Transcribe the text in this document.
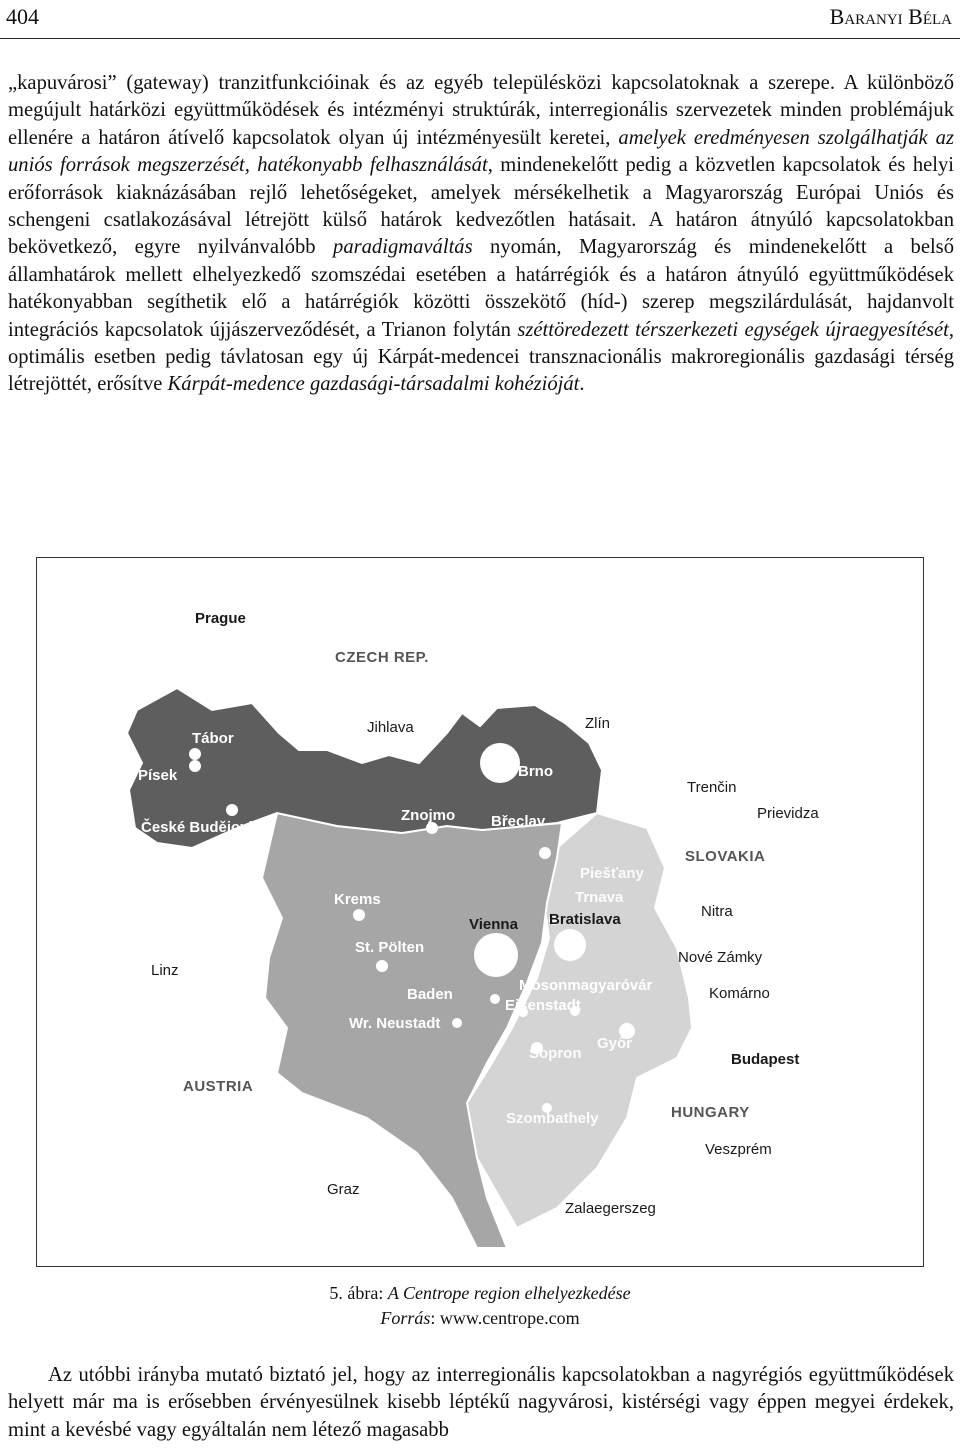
404	Baranyi Béla

„kapuvárosi” (gateway) tranzitfunkcióinak és az egyéb településközi kapcsolatoknak a szerepe. A különböző megújult határközi együttműködések és intézményi struktúrák, interregionális szervezetek minden problémájuk ellenére a határon átívelő kapcsolatok olyan új intézményesült keretei, amelyek eredményesen szolgálhatják az uniós források megszerzését, hatékonyabb felhasználását, mindenekelőtt pedig a közvetlen kapcsolatok és helyi erőforrások kiaknázásában rejlő lehetőségeket, amelyek mérsékelhetik a Magyarország Európai Uniós és schengeni csatlakozásával létrejött külső határok kedvezőtlen hatásait. A határon átnyúló kapcsolatokban bekövetkező, egyre nyilvánvalóbb paradigmaváltás nyomán, Magyarország és mindenekelőtt a belső államhatárok mellett elhelyezkedő szomszédai esetében a határrégiók és a határon átnyúló együttműködések hatékonyabban segíthetik elő a határrégiók közötti összekötő (híd-) szerep megszilárdulását, hajdanvolt integrációs kapcsolatok újjászerveződését, a Trianon folytán széttöredezett térszerkezeti egységek újraegyesítését, optimális esetben pedig távlatosan egy új Kárpát-medencei transznacionális makroregionális gazdasági térség létrejöttét, erősítve Kárpát-medence gazdasági-társadalmi kohézióját.

CZECH REP.
SLOVAKIA
AUSTRIA
HUNGARY
Prague
Jihlava	Zlín
Tábor
Písek	Brno
Trenčin
České Budějovice
Znojmo Břeclav	Prievidza
Piešťany
Krems	Trnava
Bratislava
Vienna
Nitra
St. Pölten
Nové Zámky
Linz
Mosonmagyaróvár	Komárno
Baden
Eisenstadt
Wr. Neustadt
Győr
Sopron	Budapest
Szombathely
Veszprém
Graz
Zalaegerszeg
5. ábra: A Centrope region elhelyezkedése
Forrás: www.centrope.com

Az utóbbi irányba mutató biztató jel, hogy az interregionális kapcsolatokban a nagyrégiós együttműködések helyett már ma is erősebben érvényesülnek kisebb léptékű nagyvárosi, kistérségi vagy éppen megyei érdekek, mint a kevésbé vagy egyáltalán nem létező magasabb
